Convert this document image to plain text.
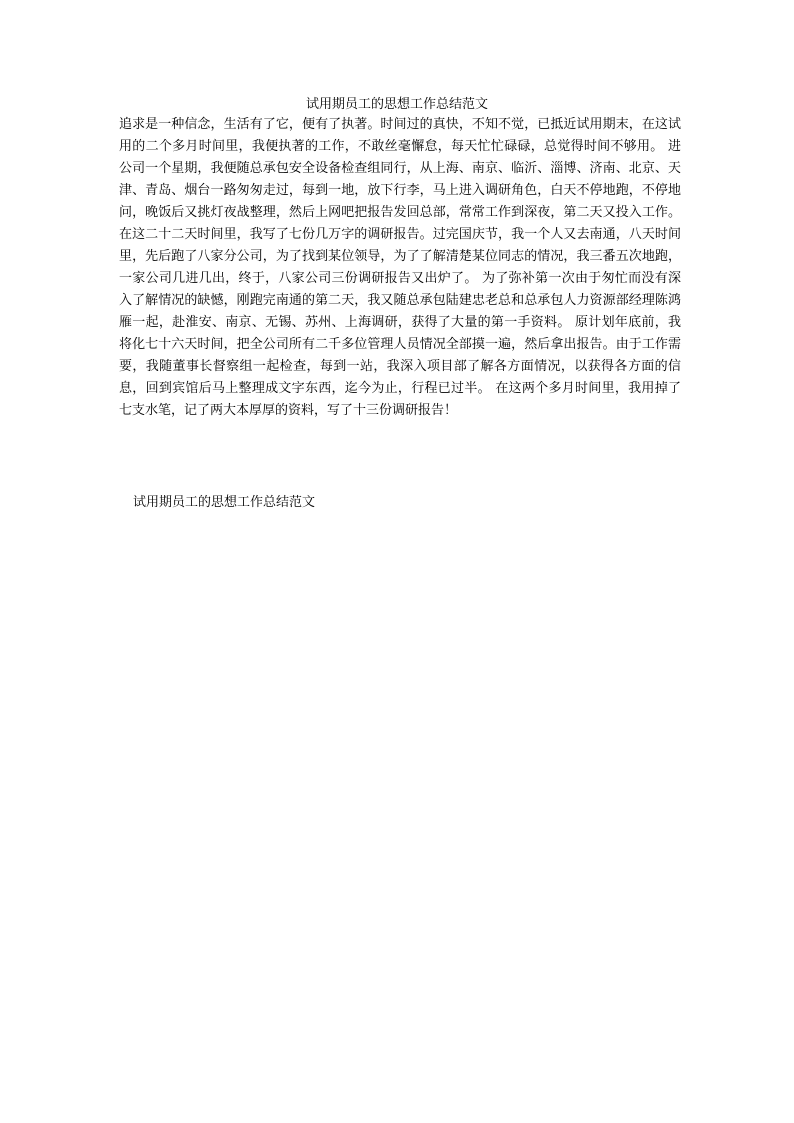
试用期员工的思想工作总结范文

追求是一种信念，生活有了它，便有了执著。时间过的真快，不知不觉，已抵近试用期末，在这试用的二个多月时间里，我便执著的工作，不敢丝毫懈怠，每天忙忙碌碌，总觉得时间不够用。 进公司一个星期，我便随总承包安全设备检查组同行，从上海、南京、临沂、淄博、济南、北京、天津、青岛、烟台一路匆匆走过，每到一地，放下行李，马上进入调研角色，白天不停地跑，不停地问，晚饭后又挑灯夜战整理，然后上网吧把报告发回总部，常常工作到深夜，第二天又投入工作。在这二十二天时间里，我写了七份几万字的调研报告。过完国庆节，我一个人又去南通，八天时间里，先后跑了八家分公司，为了找到某位领导，为了了解清楚某位同志的情况，我三番五次地跑，一家公司几进几出，终于，八家公司三份调研报告又出炉了。 为了弥补第一次由于匆忙而没有深入了解情况的缺憾，刚跑完南通的第二天，我又随总承包陆建忠老总和总承包人力资源部经理陈鸿雁一起，赴淮安、南京、无锡、苏州、上海调研，获得了大量的第一手资料。 原计划年底前，我将化七十六天时间，把全公司所有二千多位管理人员情况全部摸一遍，然后拿出报告。由于工作需要，我随董事长督察组一起检查，每到一站，我深入项目部了解各方面情况，以获得各方面的信息，回到宾馆后马上整理成文字东西，迄今为止，行程已过半。 在这两个多月时间里，我用掉了七支水笔，记了两大本厚厚的资料，写了十三份调研报告！

试用期员工的思想工作总结范文
